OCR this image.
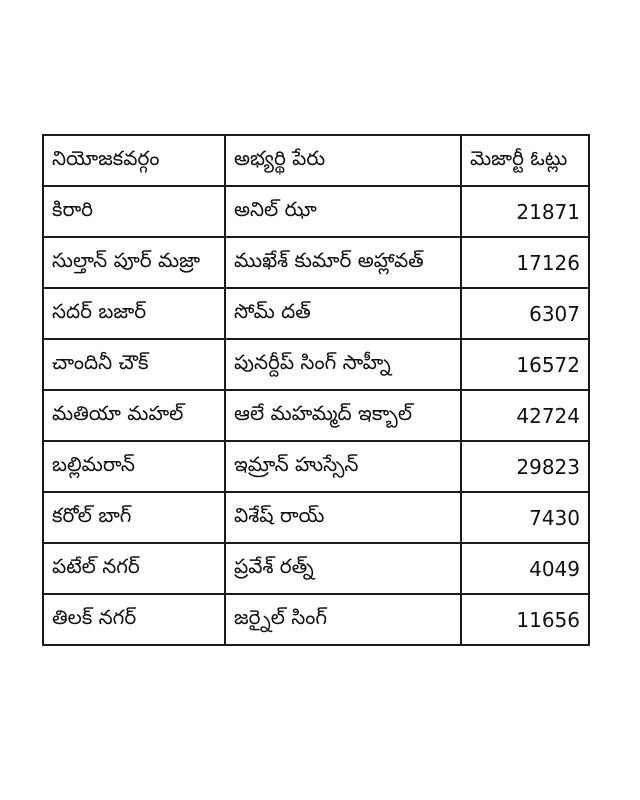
నియోజకవర్గం	అభ్యర్థి పేరు	మెజార్టీ ఓట్లు
కిరారి	అనిల్ ఝా	21871
సుల్తాన్ పూర్ మజ్రా	ముఖేశ్ కుమార్ అహ్లావత్	17126
సదర్ బజార్	సోమ్ దత్	6307
చాందినీ చౌక్	పునర్దీప్ సింగ్ సాహ్నీ	16572
మతియా మహల్	ఆలే మహమ్మద్ ఇక్బాల్	42724
బల్లిమరాన్	ఇమ్రాన్ హుస్సేన్	29823
కరోల్ బాగ్	విశేష్ రాయ్	7430
పటేల్ నగర్	ప్రవేశ్ రత్న్	4049
తిలక్ నగర్	జర్నైల్ సింగ్	11656
